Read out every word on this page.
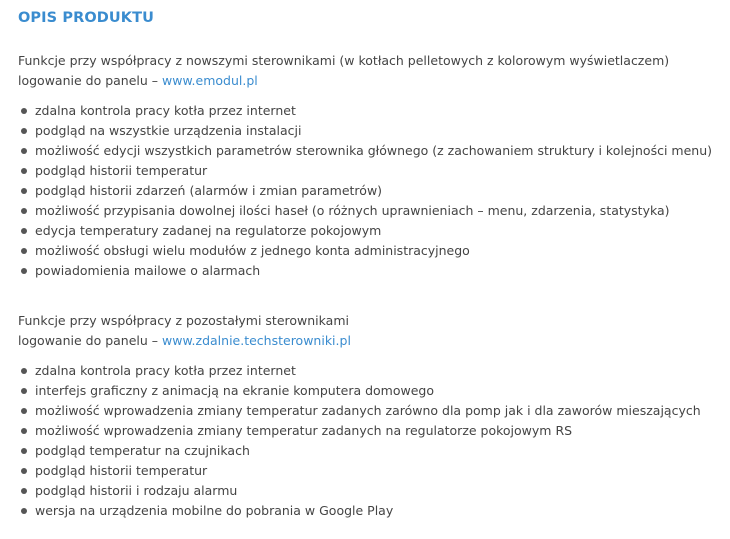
OPIS PRODUKTU
Funkcje przy współpracy z nowszymi sterownikami (w kotłach pelletowych z kolorowym wyświetlaczem)
logowanie do panelu – www.emodul.pl
zdalna kontrola pracy kotła przez internet
podgląd na wszystkie urządzenia instalacji
możliwość edycji wszystkich parametrów sterownika głównego (z zachowaniem struktury i kolejności menu)
podgląd historii temperatur
podgląd historii zdarzeń (alarmów i zmian parametrów)
możliwość przypisania dowolnej ilości haseł (o różnych uprawnieniach – menu, zdarzenia, statystyka)
edycja temperatury zadanej na regulatorze pokojowym
możliwość obsługi wielu modułów z jednego konta administracyjnego
powiadomienia mailowe o alarmach
Funkcje przy współpracy z pozostałymi sterownikami
logowanie do panelu – www.zdalnie.techsterowniki.pl
zdalna kontrola pracy kotła przez internet
interfejs graficzny z animacją na ekranie komputera domowego
możliwość wprowadzenia zmiany temperatur zadanych zarówno dla pomp jak i dla zaworów mieszających
możliwość wprowadzenia zmiany temperatur zadanych na regulatorze pokojowym RS
podgląd temperatur na czujnikach
podgląd historii temperatur
podgląd historii i rodzaju alarmu
wersja na urządzenia mobilne do pobrania w Google Play
